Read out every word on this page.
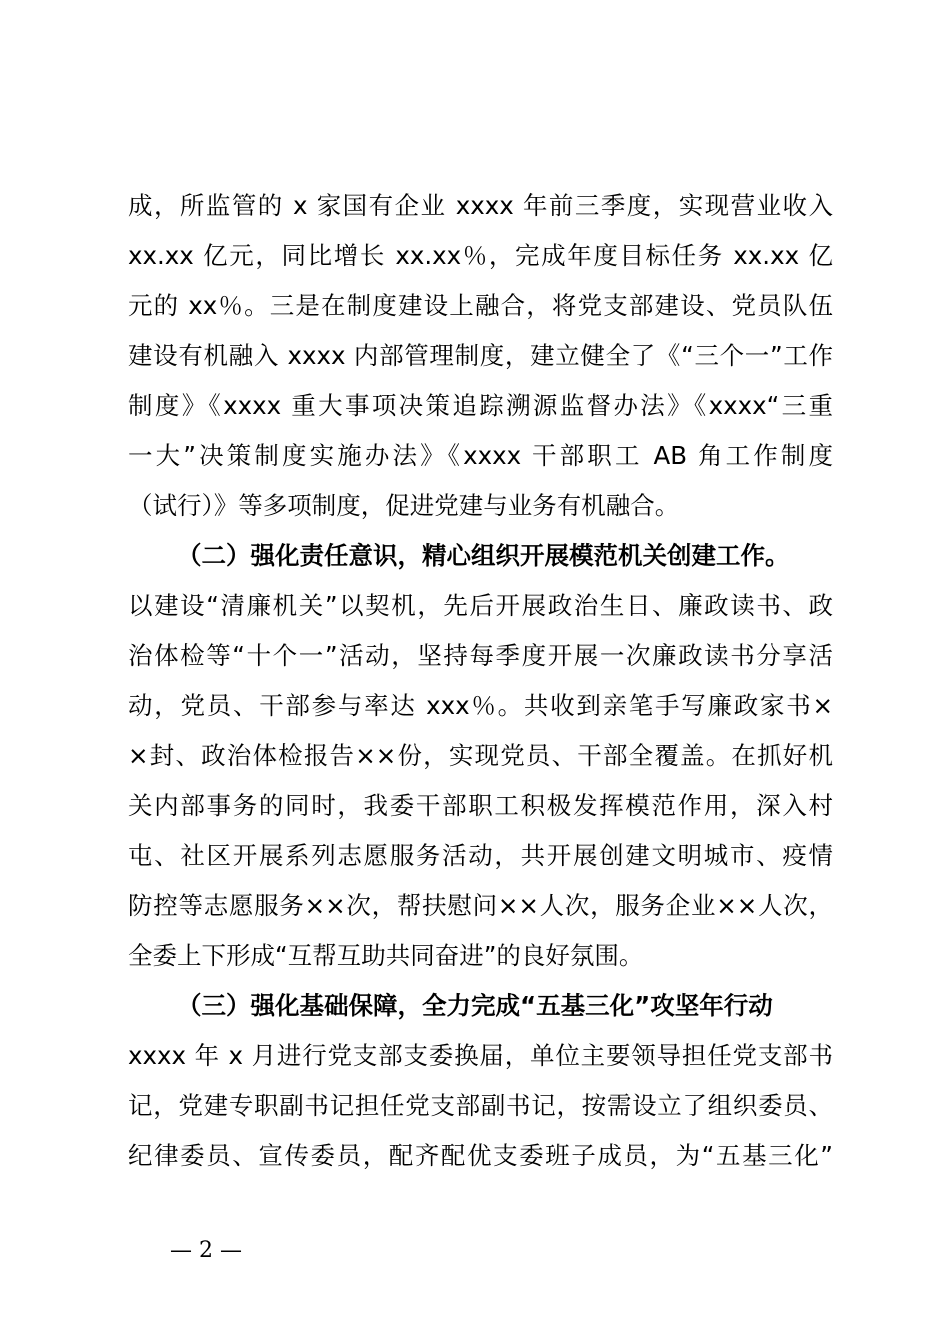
成，所监管的 x 家国有企业 xxxx 年前三季度，实现营业收入
xx.xx 亿元，同比增长 xx.xx％，完成年度目标任务 xx.xx 亿
元的 xx％。三是在制度建设上融合，将党支部建设、党员队伍
建设有机融入 xxxx 内部管理制度，建立健全了《“三个一”工作
制度》《xxxx 重大事项决策追踪溯源监督办法》《xxxx“三重
一大”决策制度实施办法》《xxxx 干部职工 AB 角工作制度
（试行）》等多项制度，促进党建与业务有机融合。
（二）强化责任意识，精心组织开展模范机关创建工作。
以建设“清廉机关”以契机，先后开展政治生日、廉政读书、政
治体检等“十个一”活动，坚持每季度开展一次廉政读书分享活
动，党员、干部参与率达 xxx％。共收到亲笔手写廉政家书×
×封、政治体检报告××份，实现党员、干部全覆盖。在抓好机
关内部事务的同时，我委干部职工积极发挥模范作用，深入村
屯、社区开展系列志愿服务活动，共开展创建文明城市、疫情
防控等志愿服务××次，帮扶慰问××人次，服务企业××人次，
全委上下形成“互帮互助共同奋进”的良好氛围。
（三）强化基础保障，全力完成“五基三化”攻坚年行动
xxxx 年 x 月进行党支部支委换届，单位主要领导担任党支部书
记，党建专职副书记担任党支部副书记，按需设立了组织委员、
纪律委员、宣传委员，配齐配优支委班子成员，为“五基三化”
— 2 —
